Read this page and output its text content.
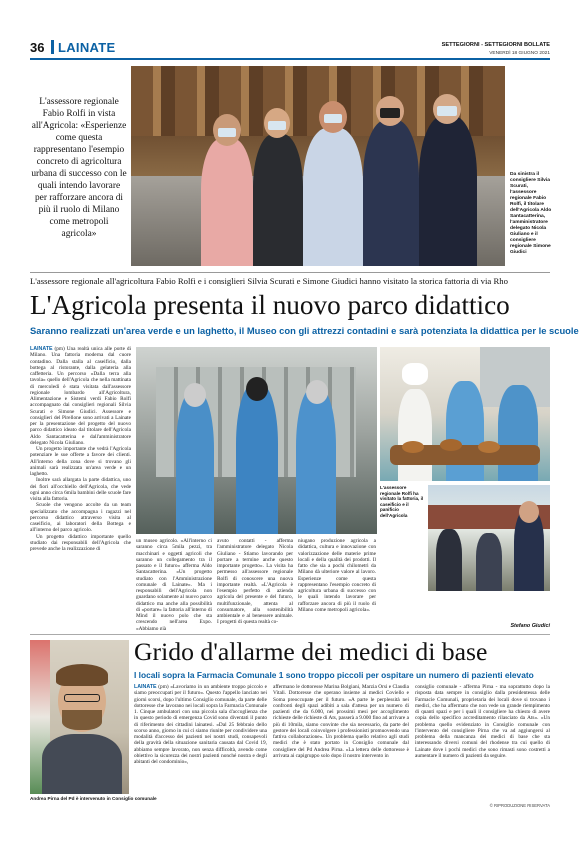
36 LAINATE	SETTEGIORNI - SETTEGIORNI BOLLATE
VENERDÌ 18 GIUGNO 2021
L'assessore regionale Fabio Rolfi in vista all'Agricola: «Esperienze come questa rappresentano l'esempio concreto di agricoltura urbana di successo con le quali intendo lavorare per rafforzare ancora di più il ruolo di Milano come metropoli agricola»
Da sinistra il consigliere Silvia Scurati, l'assessore regionale Fabio Rolfi, il titolare dell'Agricola Aldo Santacatterina, l'amministratore delegato Nicola Giuliano e il consigliere regionale Simone Giudici
L'assessore regionale all'agricoltura Fabio Rolfi e i consiglieri Silvia Scurati e Simone Giudici hanno visitato la storica fattoria di via Rho
L'Agricola presenta il nuovo parco didattico
Saranno realizzati un'area verde e un laghetto, il Museo con gli attrezzi contadini e sarà potenziata la didattica per le scuole
LAINATE (pm) Una realtà unica alle porte di Milano. Una fattoria moderna dal cuore contadino. Dalla stalla al caseificio, dalla bottega al ristorante, dalla gelateria alla caffetteria. Un percorso «Dalla terra alla tavola» quello dell'Agricola che nella mattinata di mercoledì è stata visitata dall'assessore regionale lombardo all'Agricoltura, Alimentazione e Sistemi verdi Fabio Rolfi accompagnato dai consiglieri regionali Silvia Scurati e Simone Giudici. Assessore e consiglieri del Pirellone sono arrivati a Lainate per la presentazione del progetto del nuovo parco didattico ideato dal titolare dell'Agricola Aldo Santacatterina e dall'amministratore delegato Nicola Giuliano.

Un progetto importante che vedrà l'Agricola potenziare le sue offerte a favore dei clienti. All'interno della zona dove si trovano gli animali sarà realizzata un'area verde e un laghetto.

Inoltre sarà allargata la parte didattica, uno dei fiori all'occhiello dell'Agricola, che vede ogni anno circa 6mila bambini delle scuole fare visita alla fattoria.

Scuole che vengono accolte da un team specializzato che accompagna i ragazzi nel percorso didattico attraverso visita al caseificio, ai laboratori della Bottega e all'interno del parco agricolo.

Un progetto didattico importante quello studiato dai responsabili dell'Agricola che prevede anche la realizzazione di

L'assessore regionale Rolfi ha visitato la fattoria, il caseificio e il panificio dell'Agricola
un museo agricolo. «All'interno ci saranno circa 5mila pezzi, tra macchinari e oggetti agricoli che saranno un collegamento tra il passato e il futuro» afferma Aldo Santacatterina. «Un progetto studiato con l'Amministrazione comunale di Lainate». Ma i responsabili dell'Agricola non guardano solamente al nuovo parco didattico ma anche alla possibilità di «portare» la fattoria all'interno di Mind il nuovo polo che sta crescendo nell'area Expo. «Abbiamo già
avuto contatti - afferma l'amministratore delegato Nicola Giuliano - Stiamo lavorando per portare a termine anche questo importante progetto». La visita ha permesso all'assessore regionale Rolfi di conoscere una nuova importante realtà. «L'Agricola è l'esempio perfetto di azienda agricola del presente e del futuro, multifunzionale, attenta al consumatore, alla sostenibilità ambientale e al benessere animale. I progetti di questa realtà co-
niugano produzione agricola a didattica, cultura e innovazione con valorizzazione delle materie prime locali e della qualità dei prodotti. Il fatto che sia a pochi chilometri da Milano dà ulteriore valore al lavoro. Esperienze come questa rappresentano l'esempio concreto di agricoltura urbana di successo con le quali intendo lavorare per rafforzare ancora di più il ruolo di Milano come metropoli agricola».
Stefano Giudici
Andrea Pirna del Pd è intervenuto in Consiglio comunale
Grido d'allarme dei medici di base
I locali sopra la Farmacia Comunale 1 sono troppo piccoli per ospitare un numero di pazienti elevato
LAINATE (pm) «Lavoriamo in un ambiente troppo piccolo e siamo preoccupati per il futuro». Questo l'appello lanciato nei giorni scorsi, dopo l'ultimo Consiglio comunale, da parte delle dottoresse che lavorano nei locali sopra la Farmacia Comunale 1. Cinque ambulatori con una piccola sala d'accoglienza che in questo periodo di emergenza Covid sono diventati il punto di riferimento dei cittadini lainatesi. «Dal 25 febbraio dello scorso anno, giorno in cui ci siamo riunite per condividere una modalità d'accesso dei pazienti nei nostri studi, consapevoli della gravità della situazione sanitaria causata dal Covid 19, abbiamo sempre lavorato, non senza difficoltà, avendo come obiettivo la sicurezza dei nostri pazienti nonché nostra e degli abitanti del condominio»,
affermano le dottoresse Marina Bolgiani, Marzia Orsi e Claudia Vitali. Dottoresse che operano insieme ai medici Coviello e Soma preoccupate per il futuro. «A parte le perplessità nei confronti degli spazi adibiti a sala d'attesa per un numero di pazienti che da 6.000, nei prossimi mesi per accoglimento richieste delle richieste di Ats, passerà a 9.000 fino ad arrivare a più di 10mila, siamo convinte che sia necessario, da parte del gestore dei locali coinvolgere i professionisti promuovendo una fattiva collaborazione». Un problema quello relativo agli studi medici che è stato portato in Consiglio comunale dal consigliere del Pd Andrea Pirna. «La lettera delle dottoresse è arrivata ai capigruppo solo dopo il nostro intervento in
consiglio comunale - afferma Pirna - ma soprattutto dopo la risposta data sempre in consiglio dalla presidentessa delle Farmacie Comunali, proprietaria dei locali dove si trovano i medici, che ha affermato che non vede un grande riempimento di quanti spazi e per i quali il consigliere ha chiesto di avere copia dello specifico accreditamento rilasciato da Ats». «Un problema quello evidenziato in Consiglio comunale con l'intervento del consigliere Pirna che va ad aggiungersi al problema della mancanza dei medici di base che sta interessando diversi comuni del rhodense tra cui quello di Lainate dove i pochi medici che sono rimasti sono costretti a aumentare il numero di pazienti da seguire.
© RIPRODUZIONE RISERVATA
